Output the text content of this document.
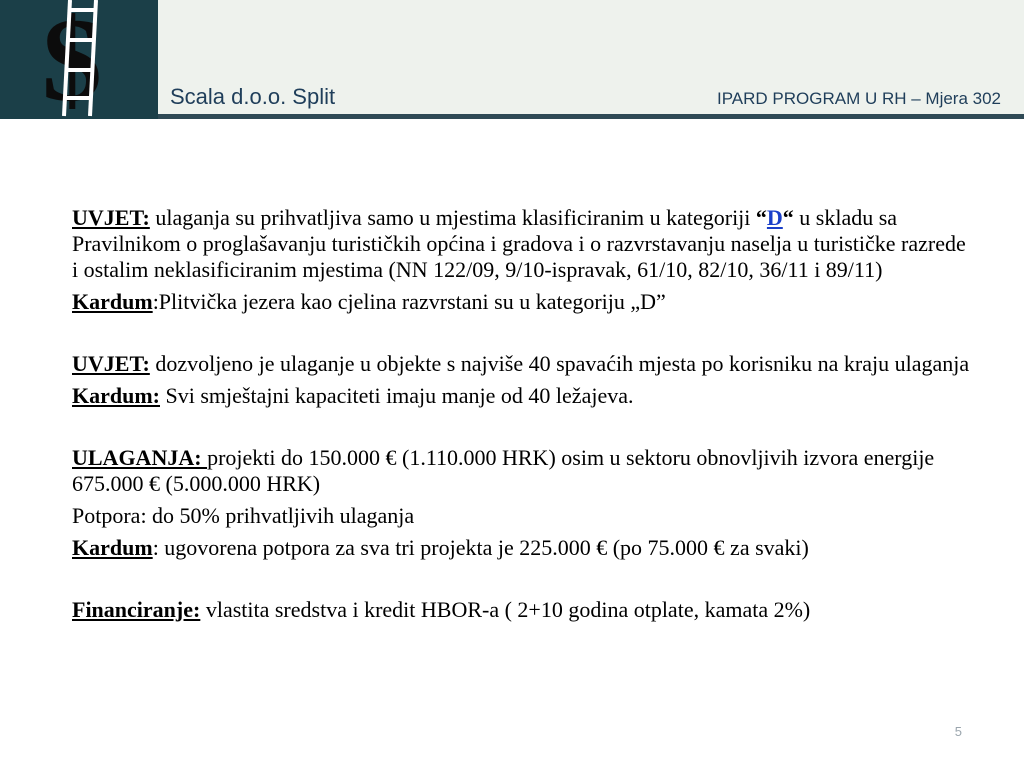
$	Scala d.o.o. Split	IPARD PROGRAM U RH – Mjera 302

UVJET: ulaganja su prihvatljiva samo u mjestima klasificiranim u kategoriji “D“ u skladu sa Pravilnikom o proglašavanju turističkih općina i gradova i o razvrstavanju naselja u turističke razrede i ostalim neklasificiranim mjestima (NN 122/09, 9/10-ispravak, 61/10, 82/10, 36/11 i 89/11)

Kardum:Plitvička jezera kao cjelina razvrstani su u kategoriju „D”

UVJET: dozvoljeno je ulaganje u objekte s najviše 40 spavaćih mjesta po korisniku na kraju ulaganja

Kardum: Svi smještajni kapaciteti imaju manje od 40 ležajeva.

ULAGANJA: projekti do 150.000 € (1.110.000 HRK) osim u sektoru obnovljivih izvora energije 675.000 € (5.000.000 HRK)

Potpora: do 50% prihvatljivih ulaganja

Kardum: ugovorena potpora za sva tri projekta je 225.000 € (po 75.000 € za svaki)

Financiranje: vlastita sredstva i kredit HBOR-a ( 2+10 godina otplate, kamata 2%)

5
